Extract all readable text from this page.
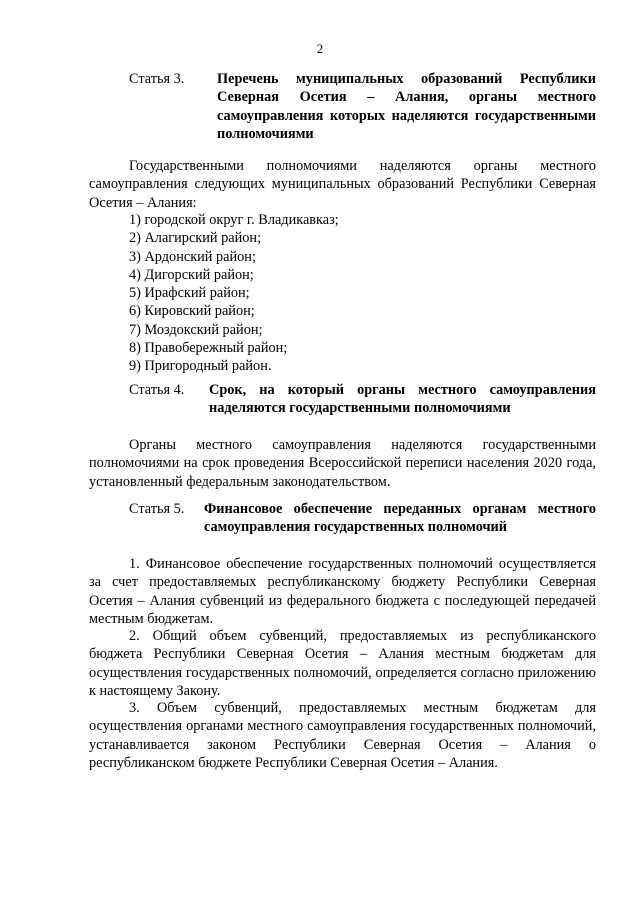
2
Статья 3.	Перечень муниципальных образований Республики Северная Осетия – Алания, органы местного самоуправления которых наделяются государственными полномочиями

Государственными полномочиями наделяются органы местного самоуправления следующих муниципальных образований Республики Северная Осетия – Алания:

1) городской округ г. Владикавказ;
2) Алагирский район;
3) Ардонский район;
4) Дигорский район;
5) Ирафский район;
6) Кировский район;
7) Моздокский район;
8) Правобережный район;
9) Пригородный район.
Статья 4.	Срок, на который органы местного самоуправления наделяются государственными полномочиями

Органы местного самоуправления наделяются государственными полномочиями на срок проведения Всероссийской переписи населения 2020 года, установленный федеральным законодательством.

Статья 5.	Финансовое обеспечение переданных органам местного самоуправления государственных полномочий

1. Финансовое обеспечение государственных полномочий осуществляется за счет предоставляемых республиканскому бюджету Республики Северная Осетия – Алания субвенций из федерального бюджета с последующей передачей местным бюджетам.

2. Общий объем субвенций, предоставляемых из республиканского бюджета Республики Северная Осетия – Алания местным бюджетам для осуществления государственных полномочий, определяется согласно приложению к настоящему Закону.

3. Объем субвенций, предоставляемых местным бюджетам для осуществления органами местного самоуправления государственных полномочий, устанавливается законом Республики Северная Осетия – Алания о республиканском бюджете Республики Северная Осетия – Алания.
